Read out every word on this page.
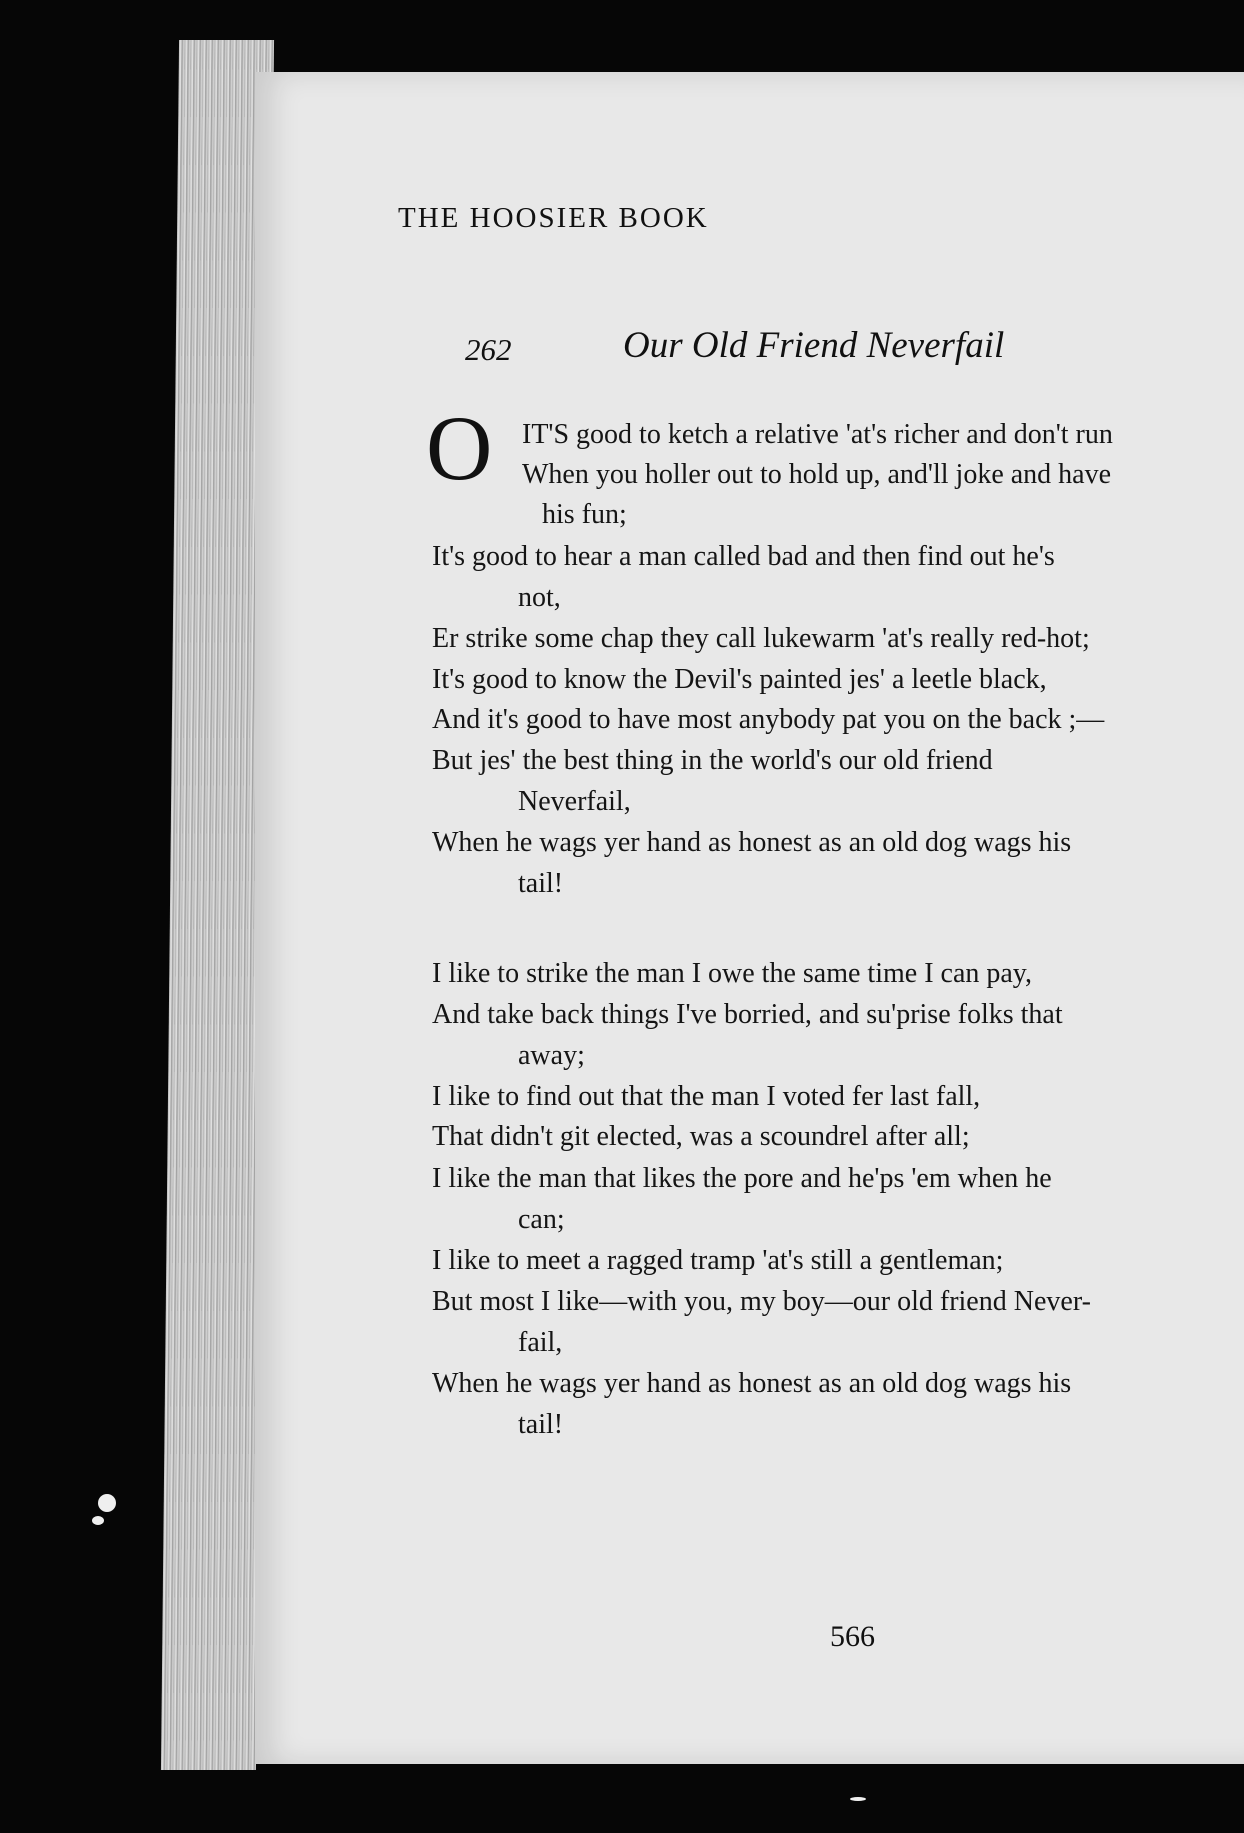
THE HOOSIER BOOK
262	Our Old Friend Neverfail
O IT'S good to ketch a relative 'at's richer and don't run
When you holler out to hold up, and'll joke and have
his fun;
It's good to hear a man called bad and then find out he's
not,
Er strike some chap they call lukewarm 'at's really red-hot;
It's good to know the Devil's painted jes' a leetle black,
And it's good to have most anybody pat you on the back ;—
But jes' the best thing in the world's our old friend
Neverfail,
When he wags yer hand as honest as an old dog wags his
tail!
I like to strike the man I owe the same time I can pay,
And take back things I've borried, and su'prise folks that
away;
I like to find out that the man I voted fer last fall,
That didn't git elected, was a scoundrel after all;
I like the man that likes the pore and he'ps 'em when he
can;
I like to meet a ragged tramp 'at's still a gentleman;
But most I like—with you, my boy—our old friend Never-
fail,
When he wags yer hand as honest as an old dog wags his
tail!
566
